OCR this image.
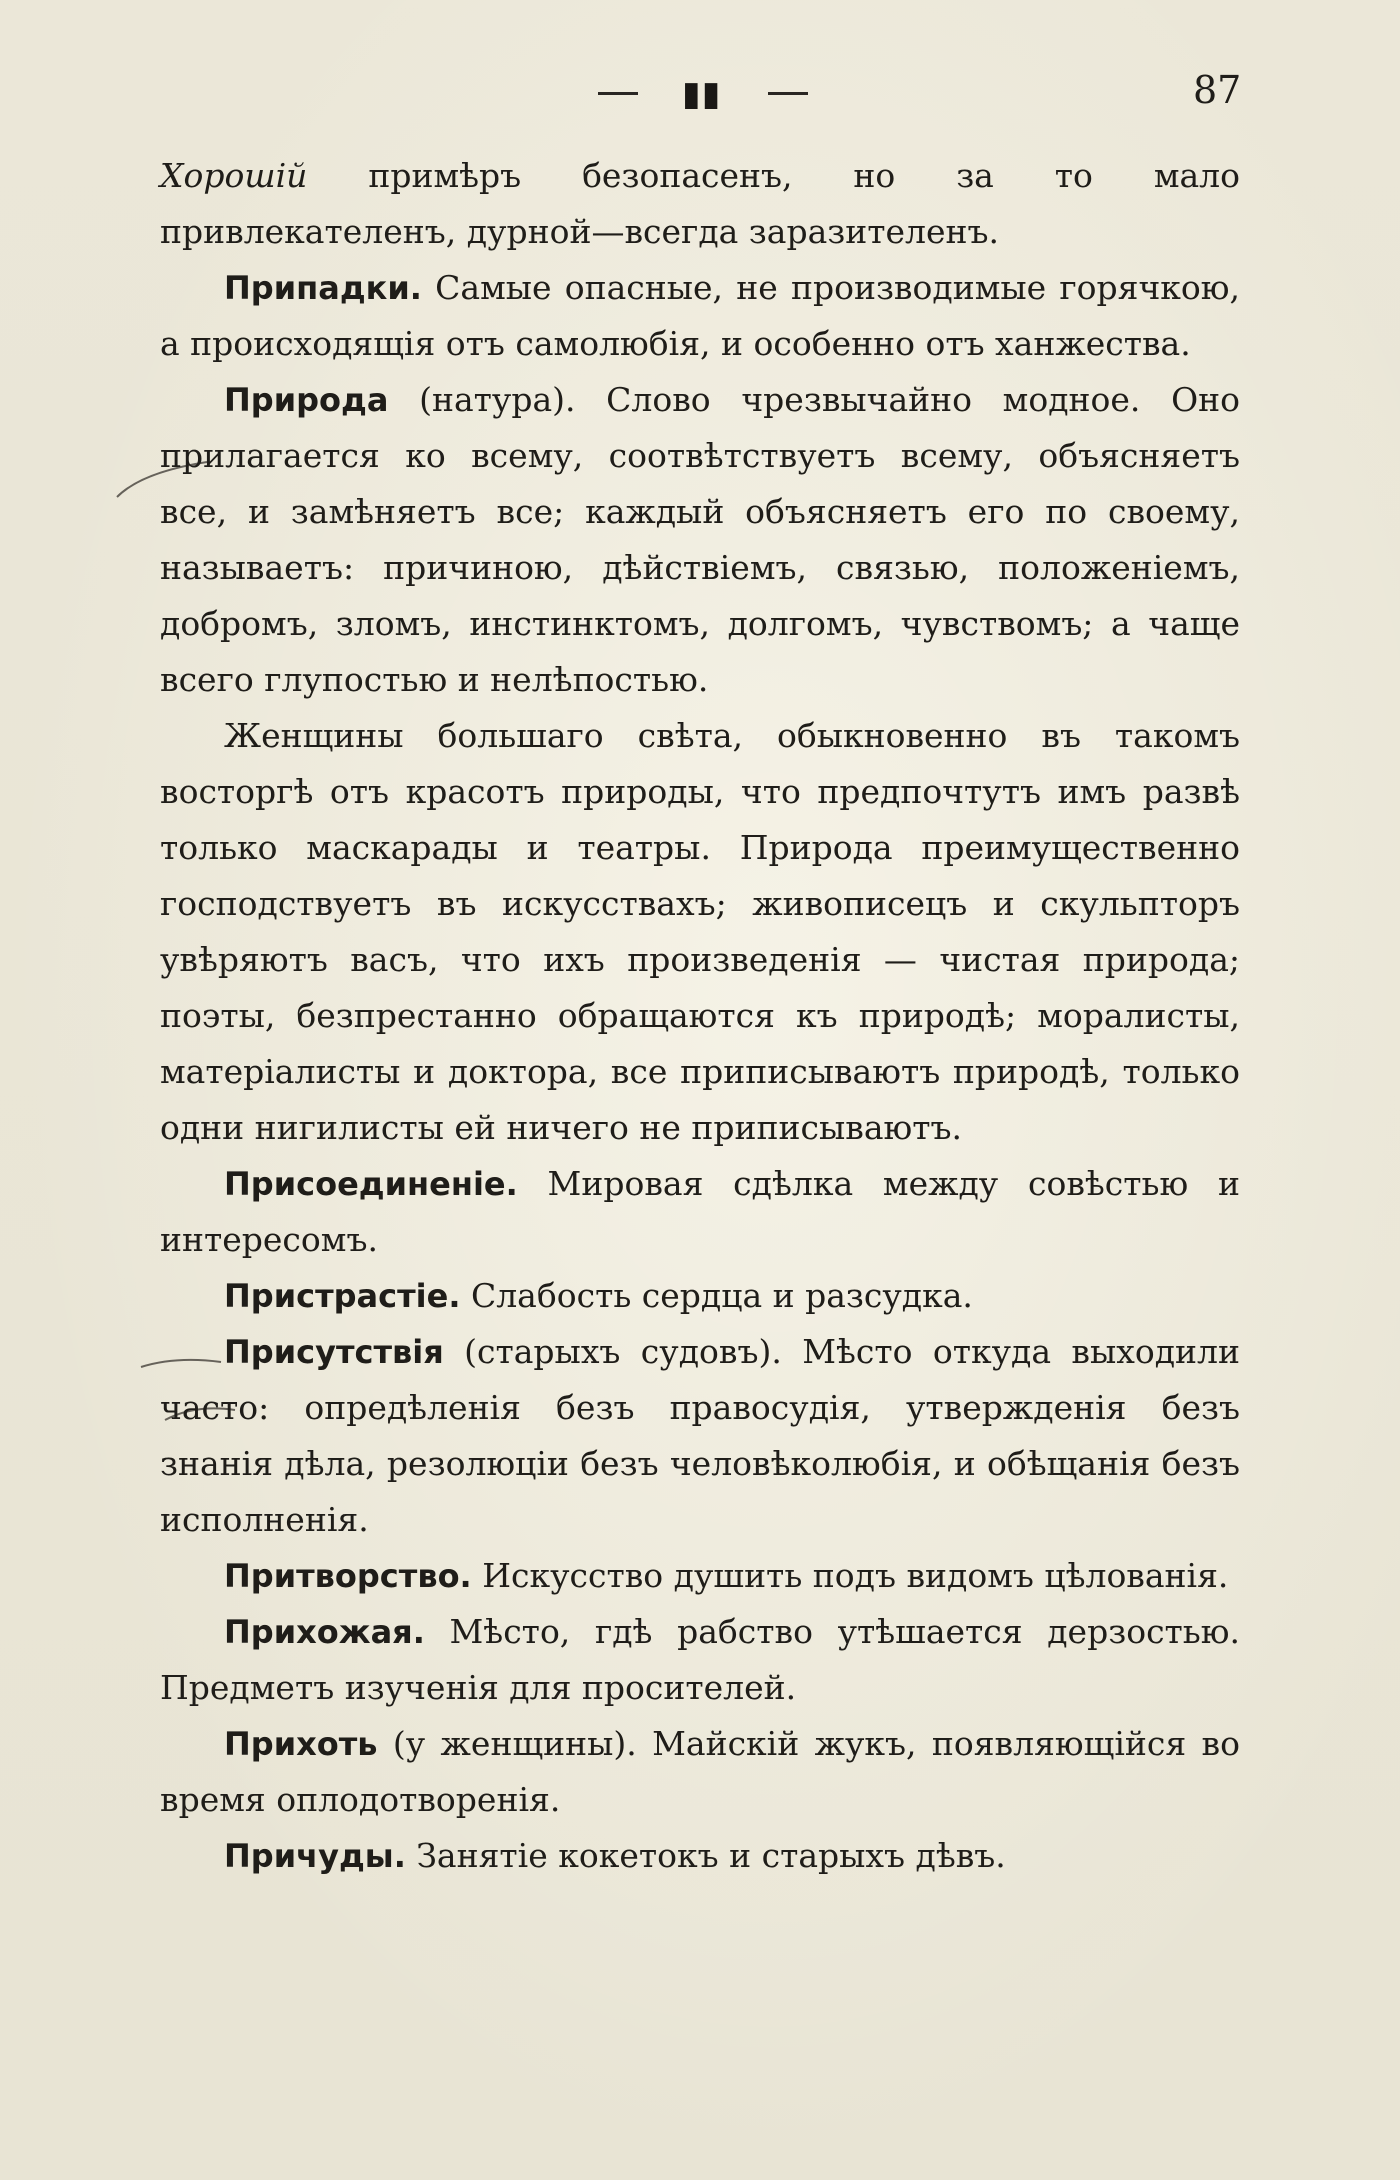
▮▮	87

Хорошій примѣръ безопасенъ, но за то мало привлекателенъ, дурной—всегда заразителенъ.

Припадки. Самые опасные, не производимые горячкою, а происходящія отъ самолюбія, и особенно отъ ханжества.

Природа (натура). Слово чрезвычайно модное. Оно прилагается ко всему, соотвѣтствуетъ всему, объясняетъ все, и замѣняетъ все; каждый объясняетъ его по своему, называетъ: причиною, дѣйствіемъ, связью, положеніемъ, добромъ, зломъ, инстинктомъ, долгомъ, чувствомъ; а чаще всего глупостью и нелѣпостью.

Женщины большаго свѣта, обыкновенно въ такомъ восторгѣ отъ красотъ природы, что предпочтутъ имъ развѣ только маскарады и театры. Природа преимущественно господствуетъ въ искусствахъ; живописецъ и скульпторъ увѣряютъ васъ, что ихъ произведенія — чистая природа; поэты, безпрестанно обращаются къ природѣ; моралисты, матеріалисты и доктора, все приписываютъ природѣ, только одни нигилисты ей ничего не приписываютъ.

Присоединеніе. Мировая сдѣлка между совѣстью и интересомъ.

Пристрастіе. Слабость сердца и разсудка.

Присутствія (старыхъ судовъ). Мѣсто откуда выходили часто: опредѣленія безъ правосудія, утвержденія безъ знанія дѣла, резолюціи безъ человѣколюбія, и обѣщанія безъ исполненія.

Притворство. Искусство душить подъ видомъ цѣлованія.

Прихожая. Мѣсто, гдѣ рабство утѣшается дерзостью. Предметъ изученія для просителей.

Прихоть (у женщины). Майскій жукъ, появляющійся во время оплодотворенія.

Причуды. Занятіе кокетокъ и старыхъ дѣвъ.
